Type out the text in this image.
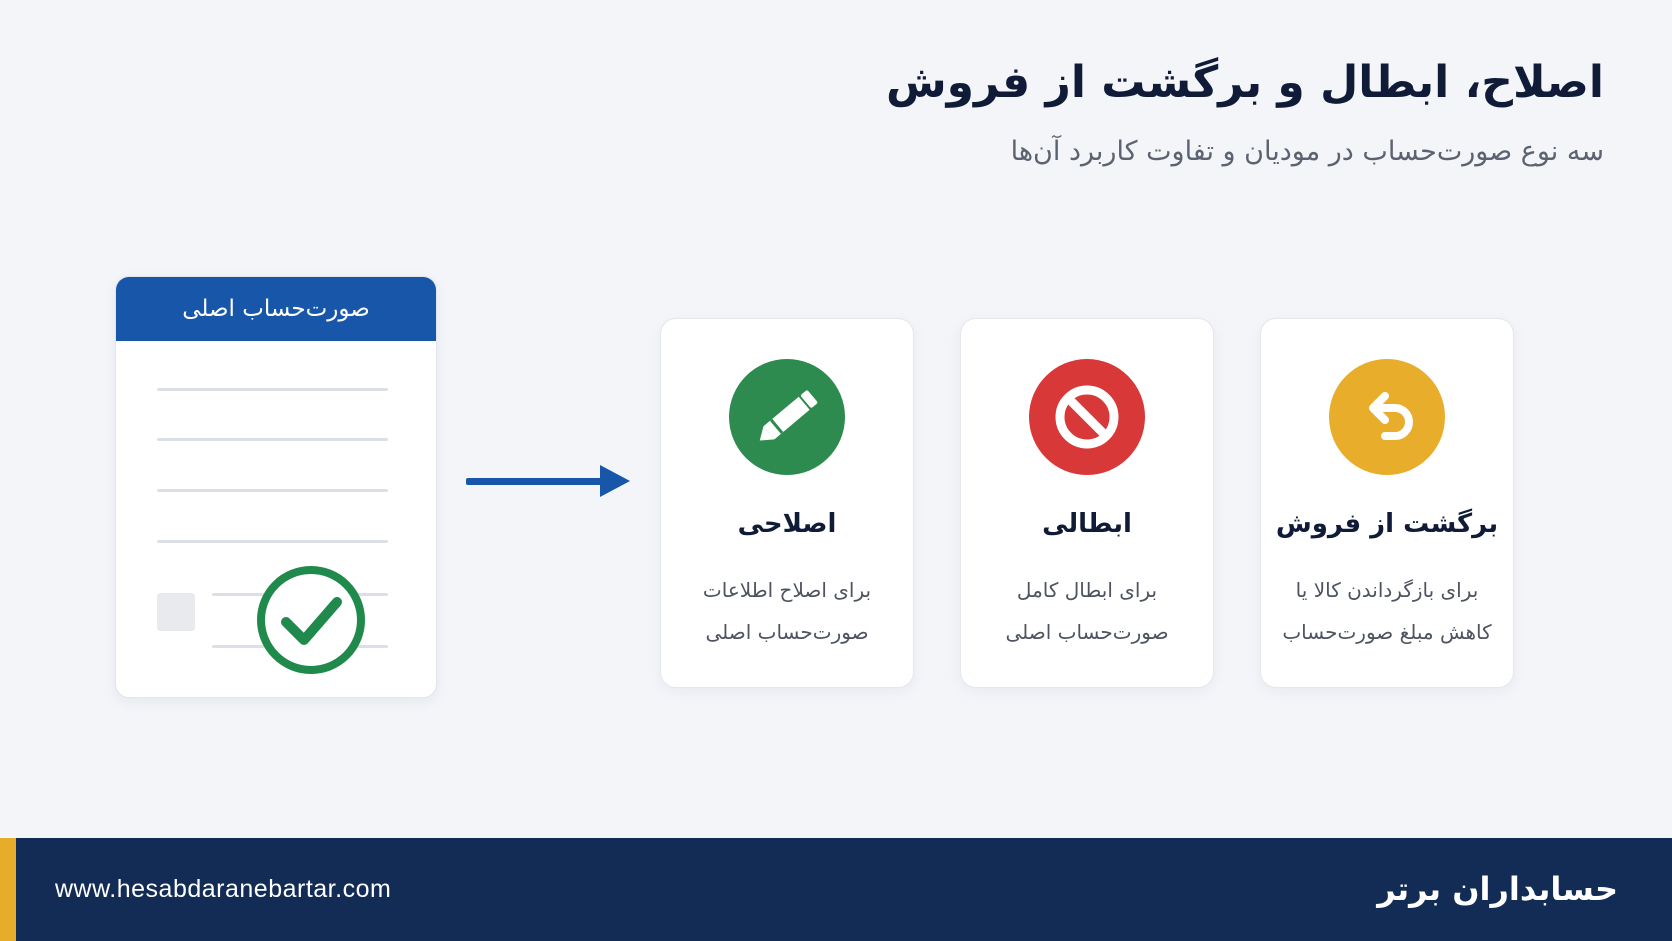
اصلاح، ابطال و برگشت از فروش
سه نوع صورت‌حساب در مودیان و تفاوت کاربرد آن‌ها
صورت‌حساب اصلی
اصلاحی
برای اصلاح اطلاعات
صورت‌حساب اصلی
ابطالی
برای ابطال کامل
صورت‌حساب اصلی
برگشت از فروش
برای بازگرداندن کالا یا
کاهش مبلغ صورت‌حساب
www.hesabdaranebartar.com	حسابداران برتر
